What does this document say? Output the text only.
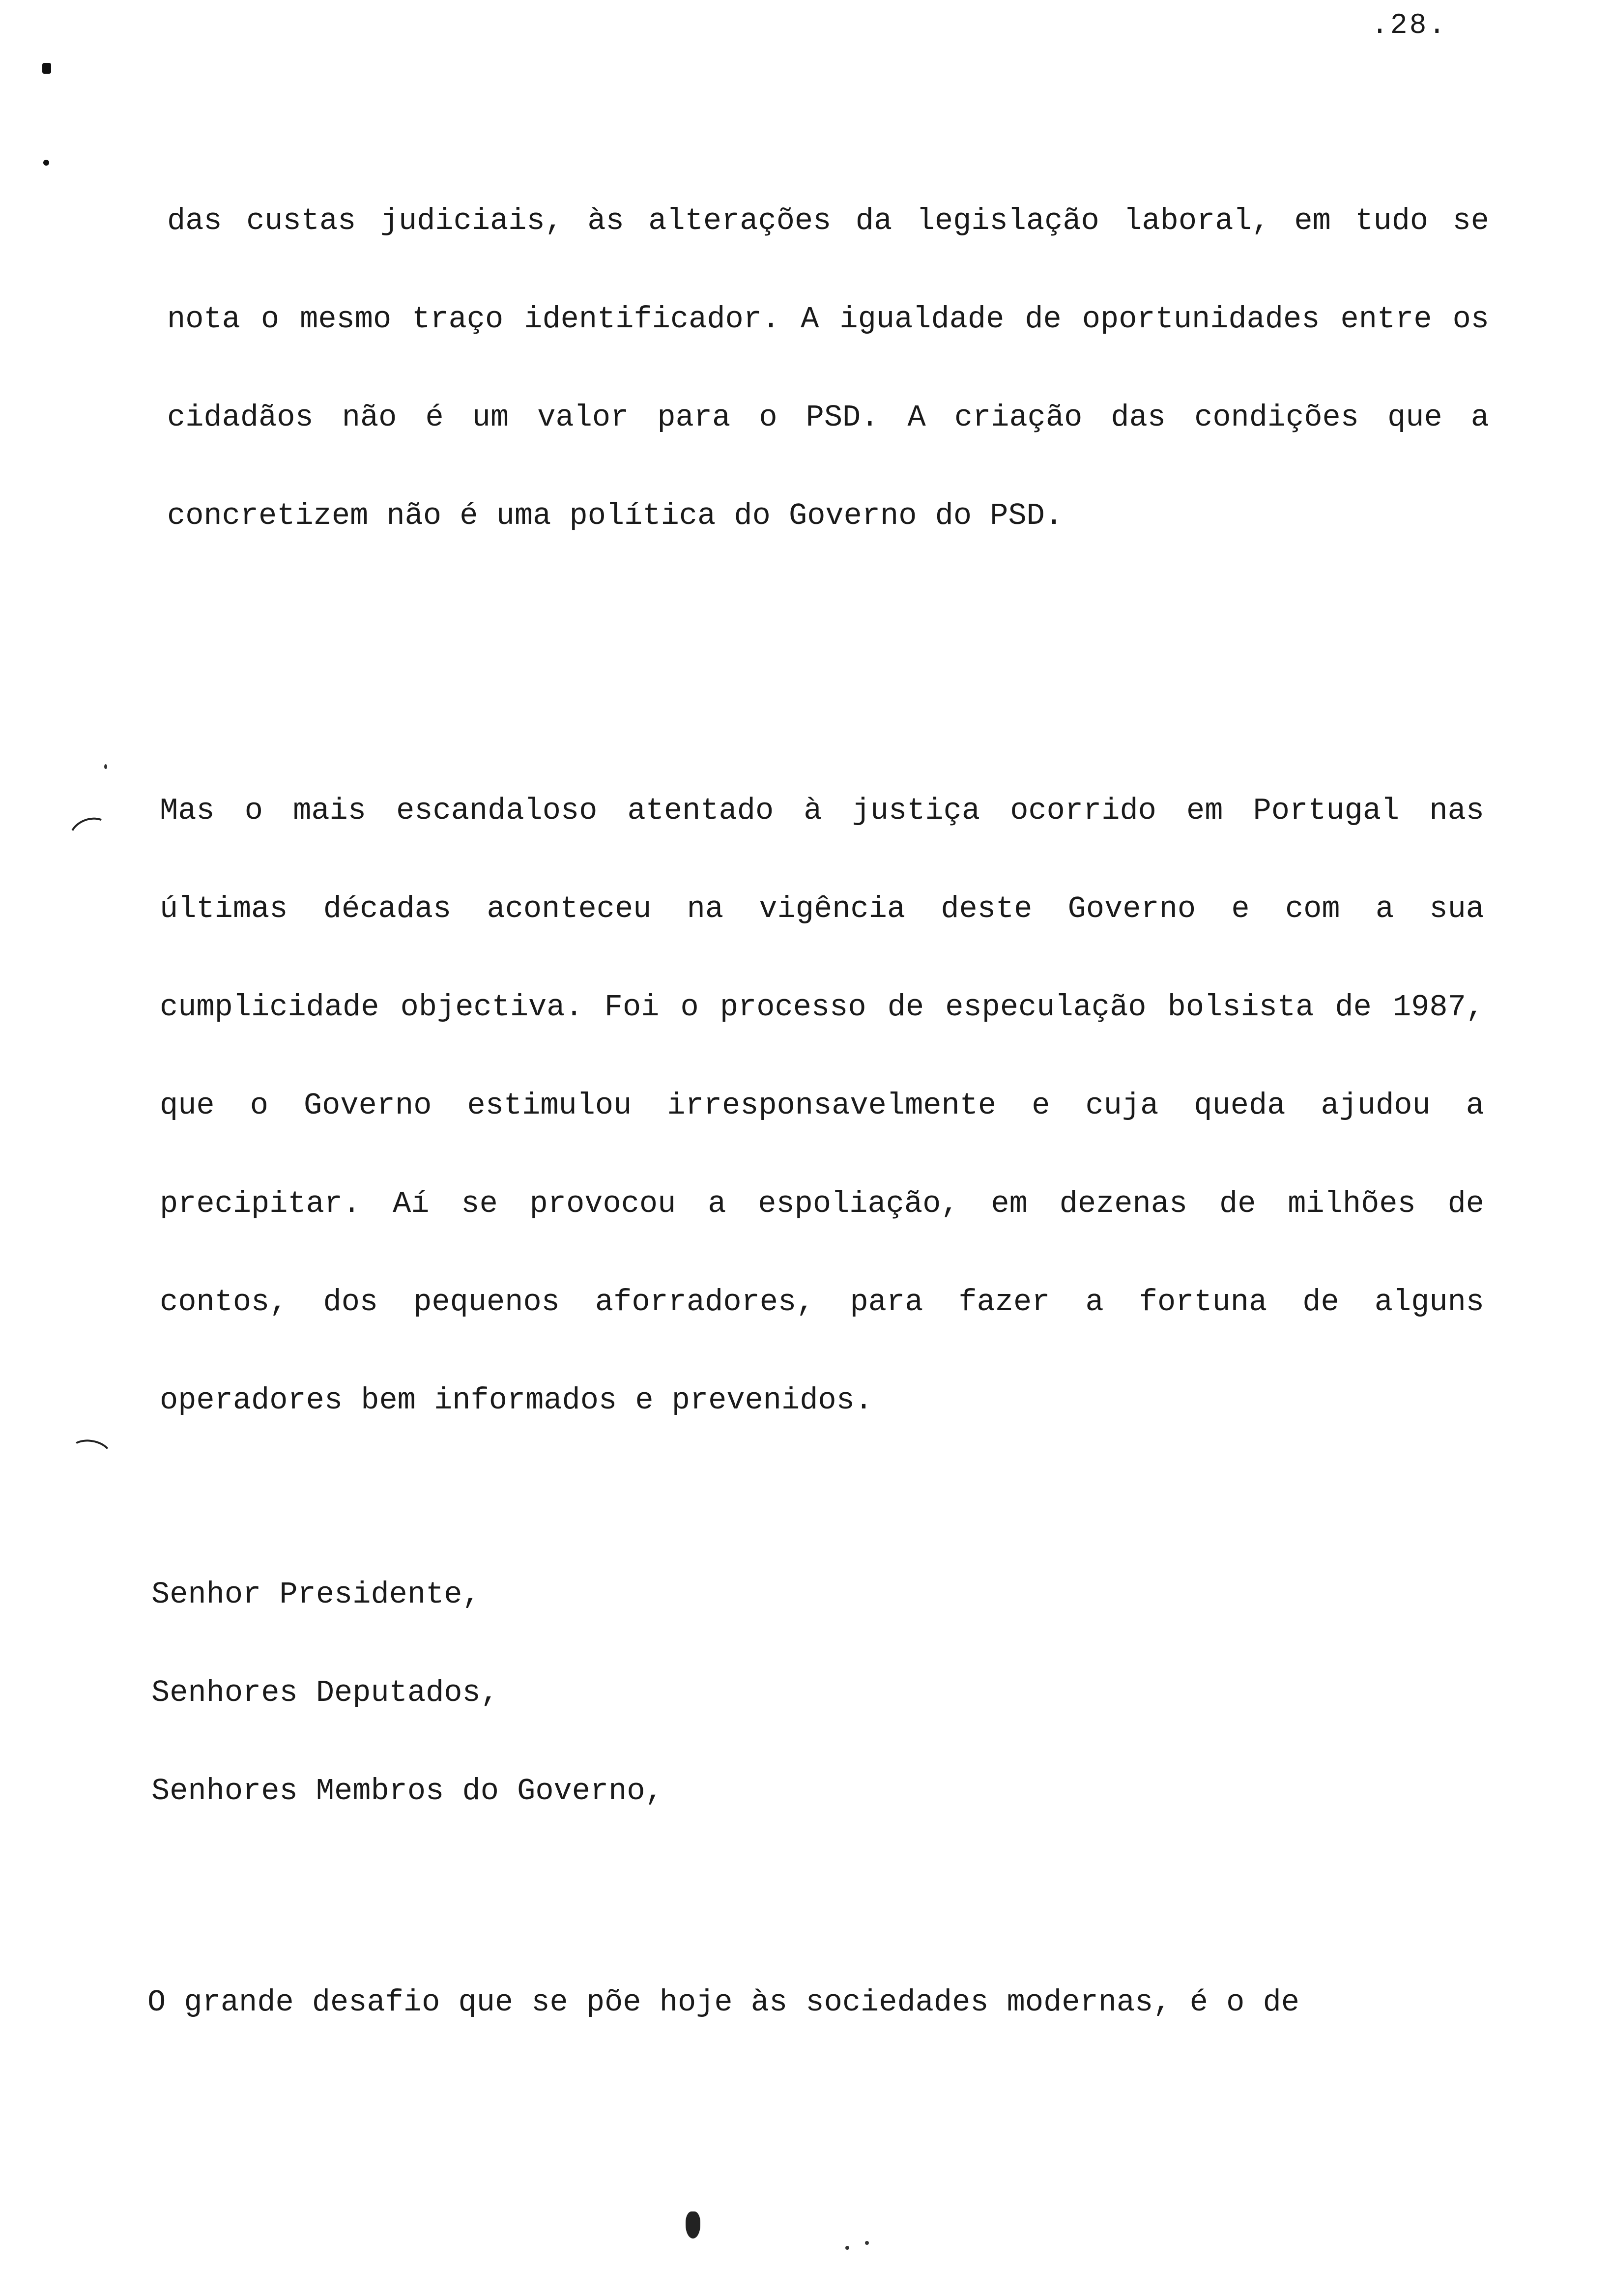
.28.
das custas judiciais, às alterações da legislação laboral, em tudo se nota o mesmo traço identificador. A igualdade de oportunidades entre os cidadãos não é um valor para o PSD. A criação das condições que a concretizem não é uma política do Governo do PSD.
Mas o mais escandaloso atentado à justiça ocorrido em Portugal nas últimas décadas aconteceu na vigência deste Governo e com a sua cumplicidade objectiva. Foi o processo de especulação bolsista de 1987, que o Governo estimulou irresponsavelmente e cuja queda ajudou a precipitar. Aí se provocou a espoliação, em dezenas de milhões de contos, dos pequenos aforradores, para fazer a fortuna de alguns operadores bem informados e prevenidos.
Senhor Presidente,
Senhores Deputados,
Senhores Membros do Governo,
O grande desafio que se põe hoje às sociedades modernas, é o de
